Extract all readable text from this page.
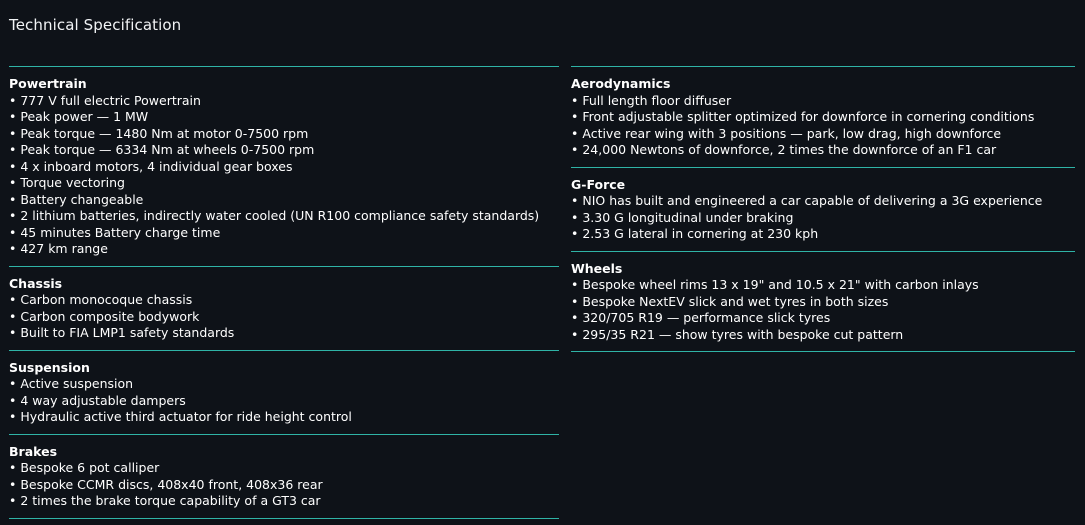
Technical Specification
Powertrain
• 777 V full electric Powertrain
• Peak power — 1 MW
• Peak torque — 1480 Nm at motor 0-7500 rpm
• Peak torque — 6334 Nm at wheels 0-7500 rpm
• 4 x inboard motors, 4 individual gear boxes
• Torque vectoring
• Battery changeable
• 2 lithium batteries, indirectly water cooled (UN R100 compliance safety standards)
• 45 minutes Battery charge time
• 427 km range
Chassis
• Carbon monocoque chassis
• Carbon composite bodywork
• Built to FIA LMP1 safety standards
Suspension
• Active suspension
• 4 way adjustable dampers
• Hydraulic active third actuator for ride height control
Brakes
• Bespoke 6 pot calliper
• Bespoke CCMR discs, 408x40 front, 408x36 rear
• 2 times the brake torque capability of a GT3 car
Aerodynamics
• Full length floor diffuser
• Front adjustable splitter optimized for downforce in cornering conditions
• Active rear wing with 3 positions — park, low drag, high downforce
• 24,000 Newtons of downforce, 2 times the downforce of an F1 car
G-Force
• NIO has built and engineered a car capable of delivering a 3G experience
• 3.30 G longitudinal under braking
• 2.53 G lateral in cornering at 230 kph
Wheels
• Bespoke wheel rims 13 x 19" and 10.5 x 21" with carbon inlays
• Bespoke NextEV slick and wet tyres in both sizes
• 320/705 R19 — performance slick tyres
• 295/35 R21 — show tyres with bespoke cut pattern
